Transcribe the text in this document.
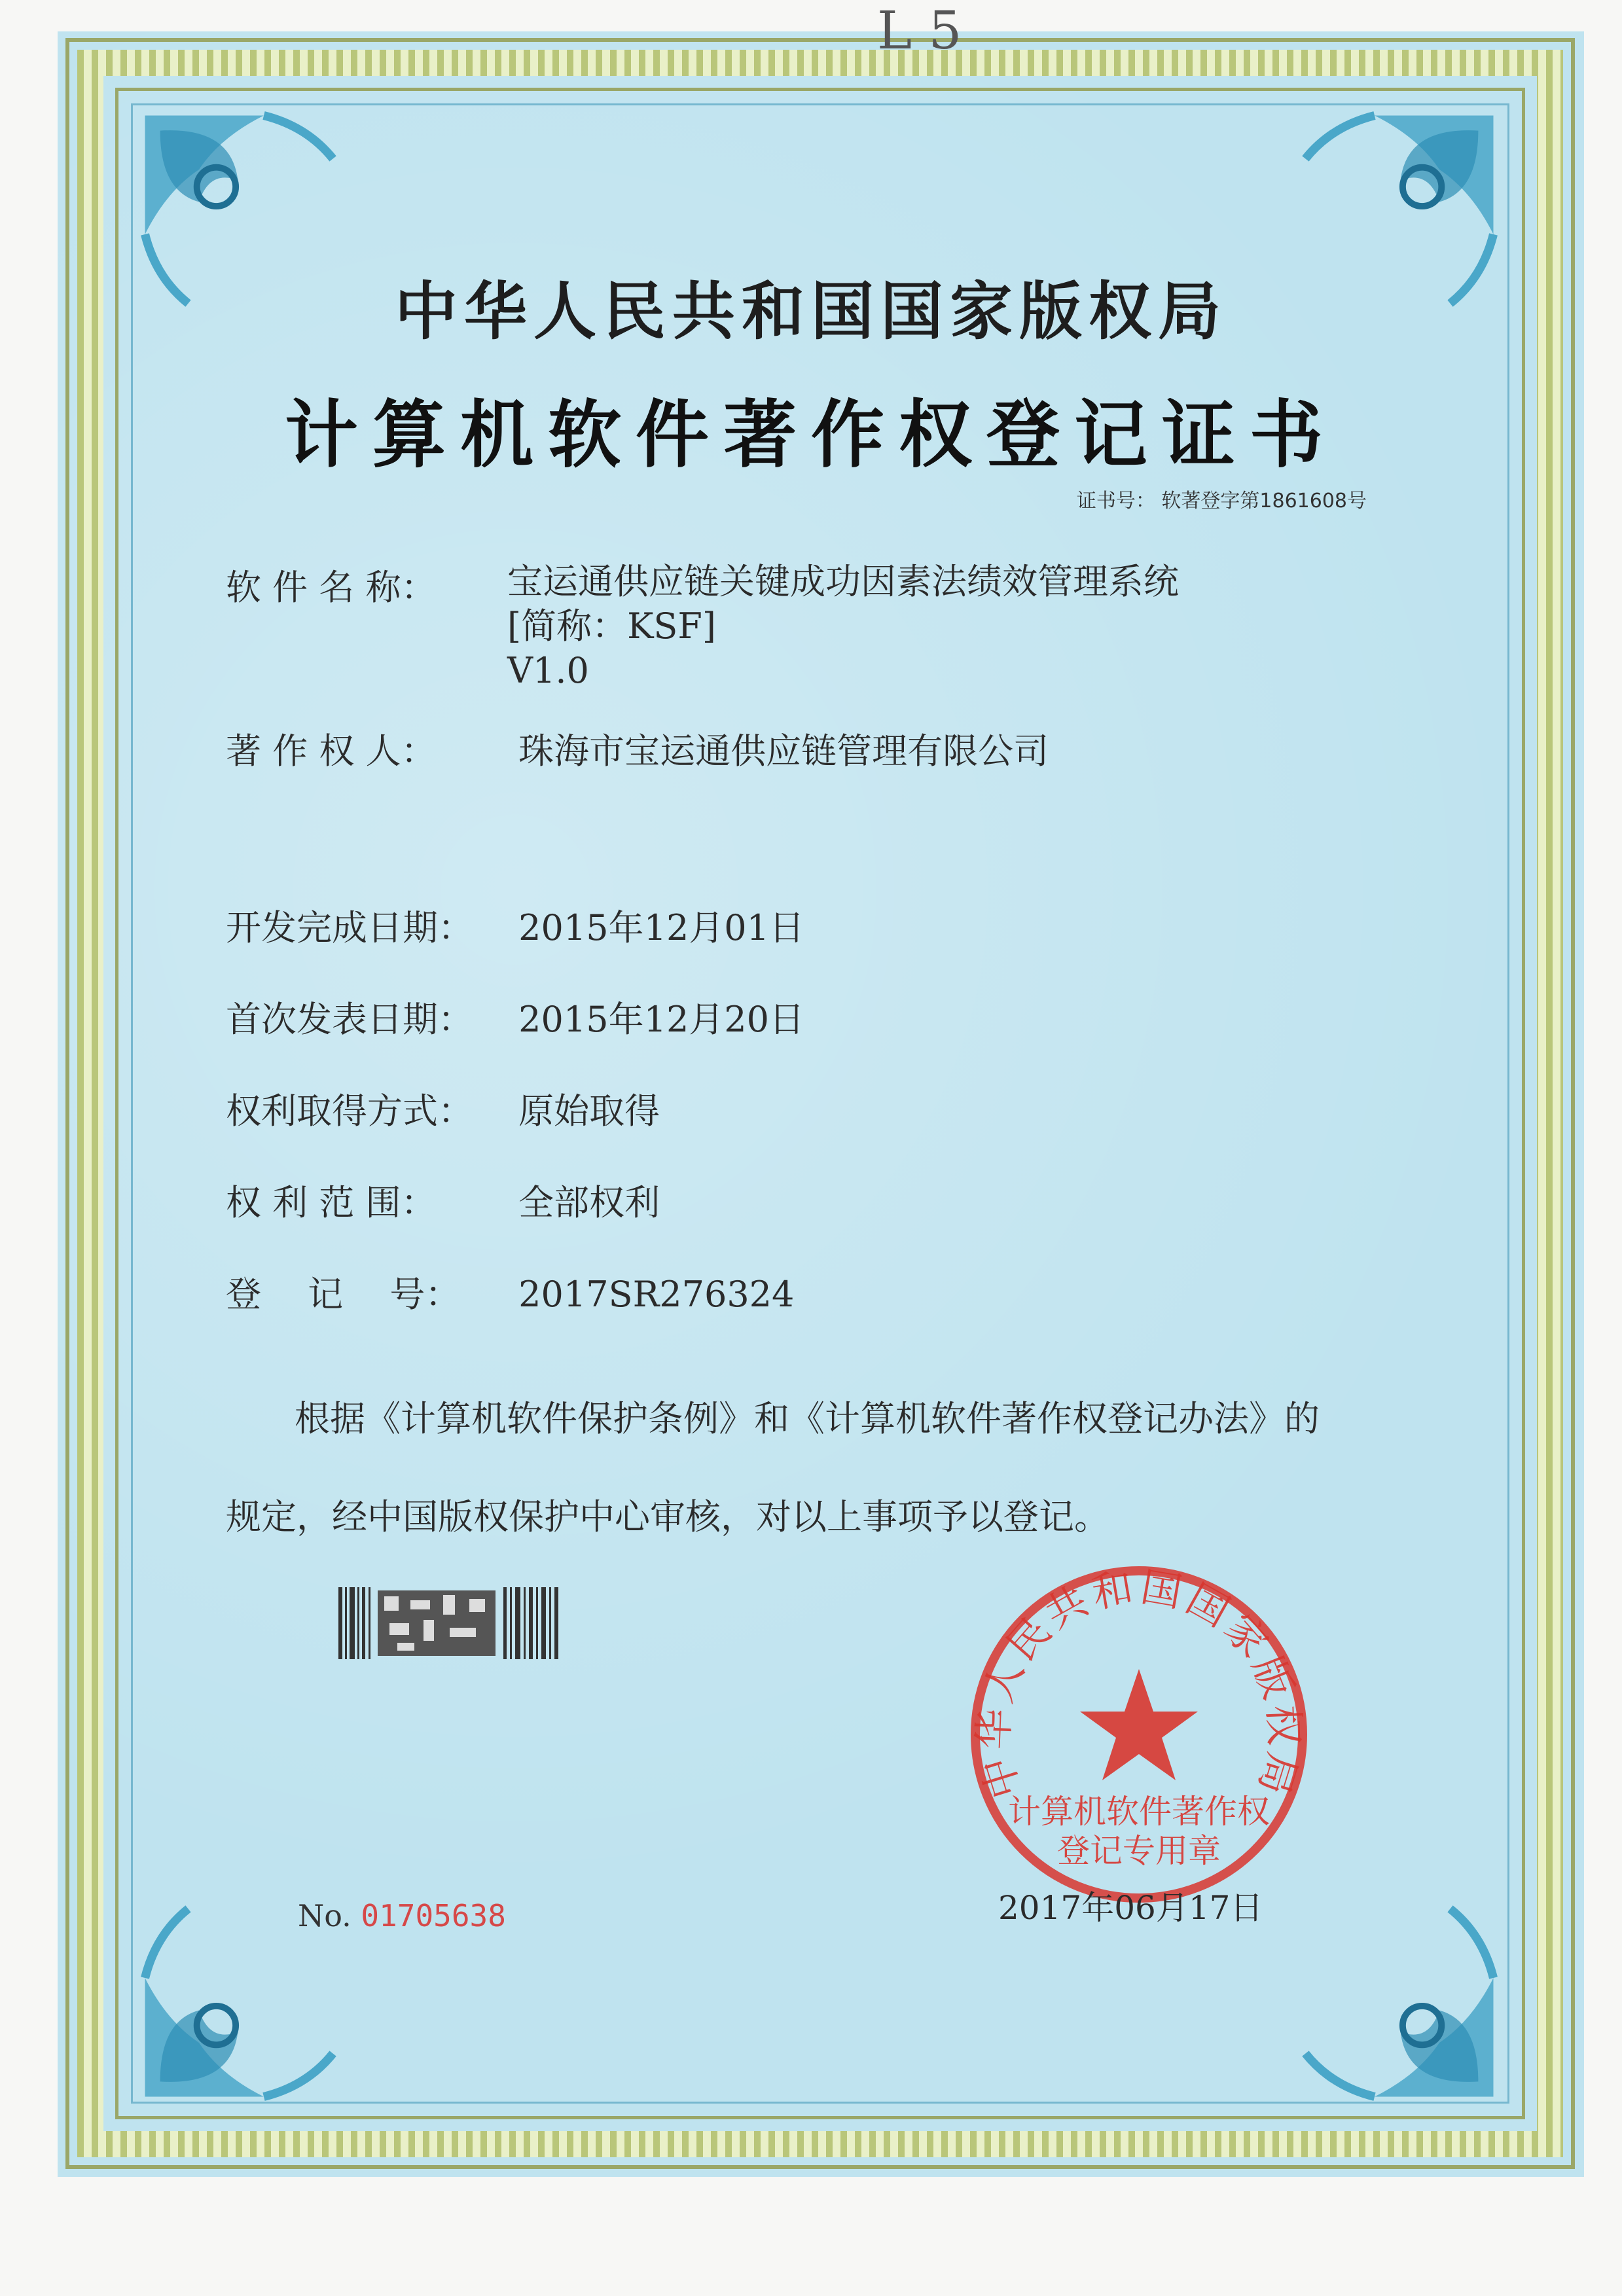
L 5
中华人民共和国国家版权局
计算机软件著作权登记证书
证书号： 软著登字第1861608号
软 件 名 称：	宝运通供应链关键成功因素法绩效管理系统
[简称：KSF]
V1.0
著 作 权 人： 珠海市宝运通供应链管理有限公司
开发完成日期： 2015年12月01日
首次发表日期： 2015年12月20日
权利取得方式： 原始取得
权 利 范 围： 全部权利
登　 记　 号： 2017SR276324
根据《计算机软件保护条例》和《计算机软件著作权登记办法》的
规定，经中国版权保护中心审核，对以上事项予以登记。
中华人民共和国国家版权局
计算机软件著作权
登记专用章
2017年06月17日
No. 01705638
